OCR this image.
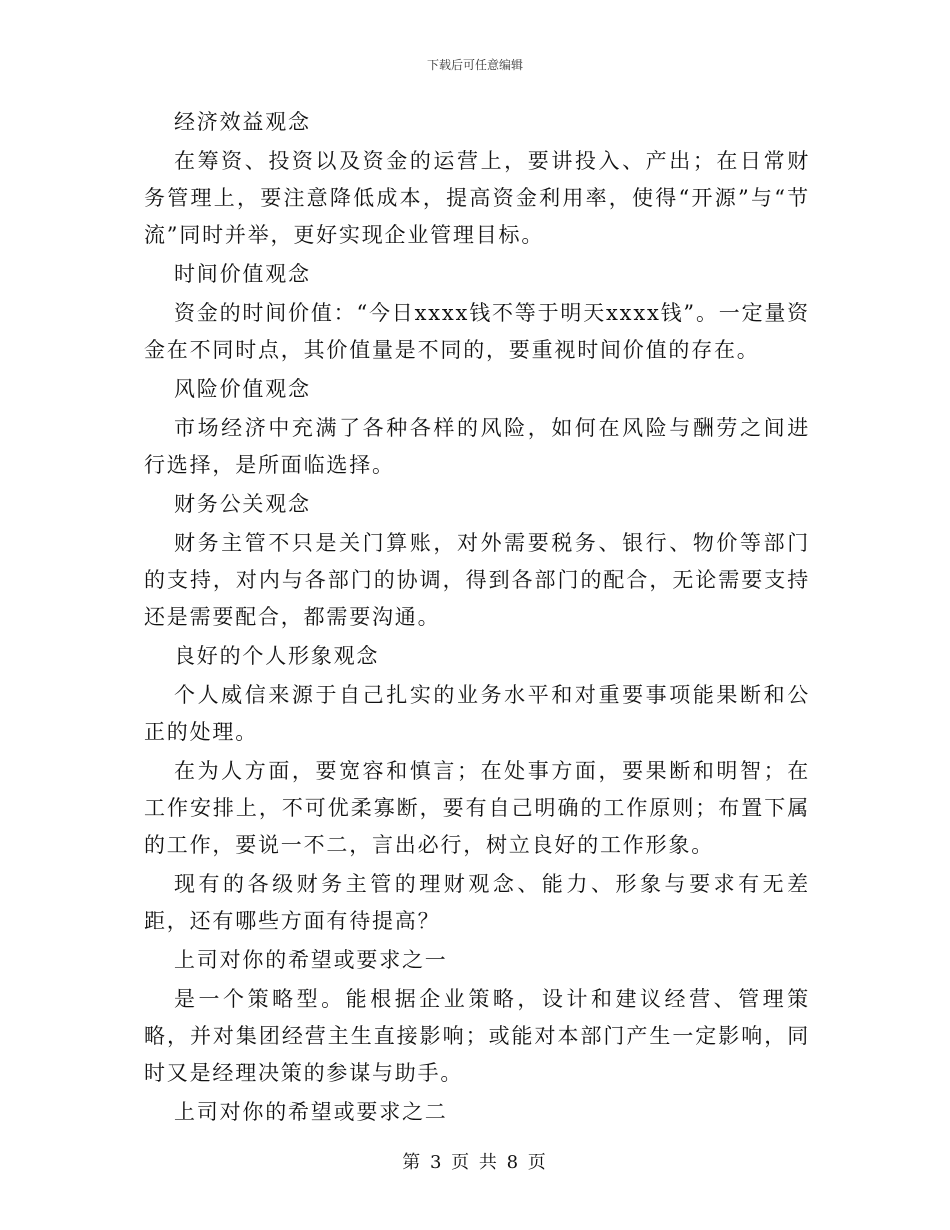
下载后可任意编辑

经济效益观念

在筹资、投资以及资金的运营上，要讲投入、产出；在日常财务管理上，要注意降低成本，提高资金利用率，使得“开源”与“节流”同时并举，更好实现企业管理目标。

时间价值观念

资金的时间价值：“今日xxxx钱不等于明天xxxx钱”。一定量资金在不同时点，其价值量是不同的，要重视时间价值的存在。

风险价值观念

市场经济中充满了各种各样的风险，如何在风险与酬劳之间进行选择，是所面临选择。

财务公关观念

财务主管不只是关门算账，对外需要税务、银行、物价等部门的支持，对内与各部门的协调，得到各部门的配合，无论需要支持还是需要配合，都需要沟通。

良好的个人形象观念

个人威信来源于自己扎实的业务水平和对重要事项能果断和公正的处理。

在为人方面，要宽容和慎言；在处事方面，要果断和明智；在工作安排上，不可优柔寡断，要有自己明确的工作原则；布置下属的工作，要说一不二，言出必行，树立良好的工作形象。

现有的各级财务主管的理财观念、能力、形象与要求有无差距，还有哪些方面有待提高？

上司对你的希望或要求之一

是一个策略型。能根据企业策略，设计和建议经营、管理策略，并对集团经营主生直接影响；或能对本部门产生一定影响，同时又是经理决策的参谋与助手。

上司对你的希望或要求之二

第 3 页 共 8 页
